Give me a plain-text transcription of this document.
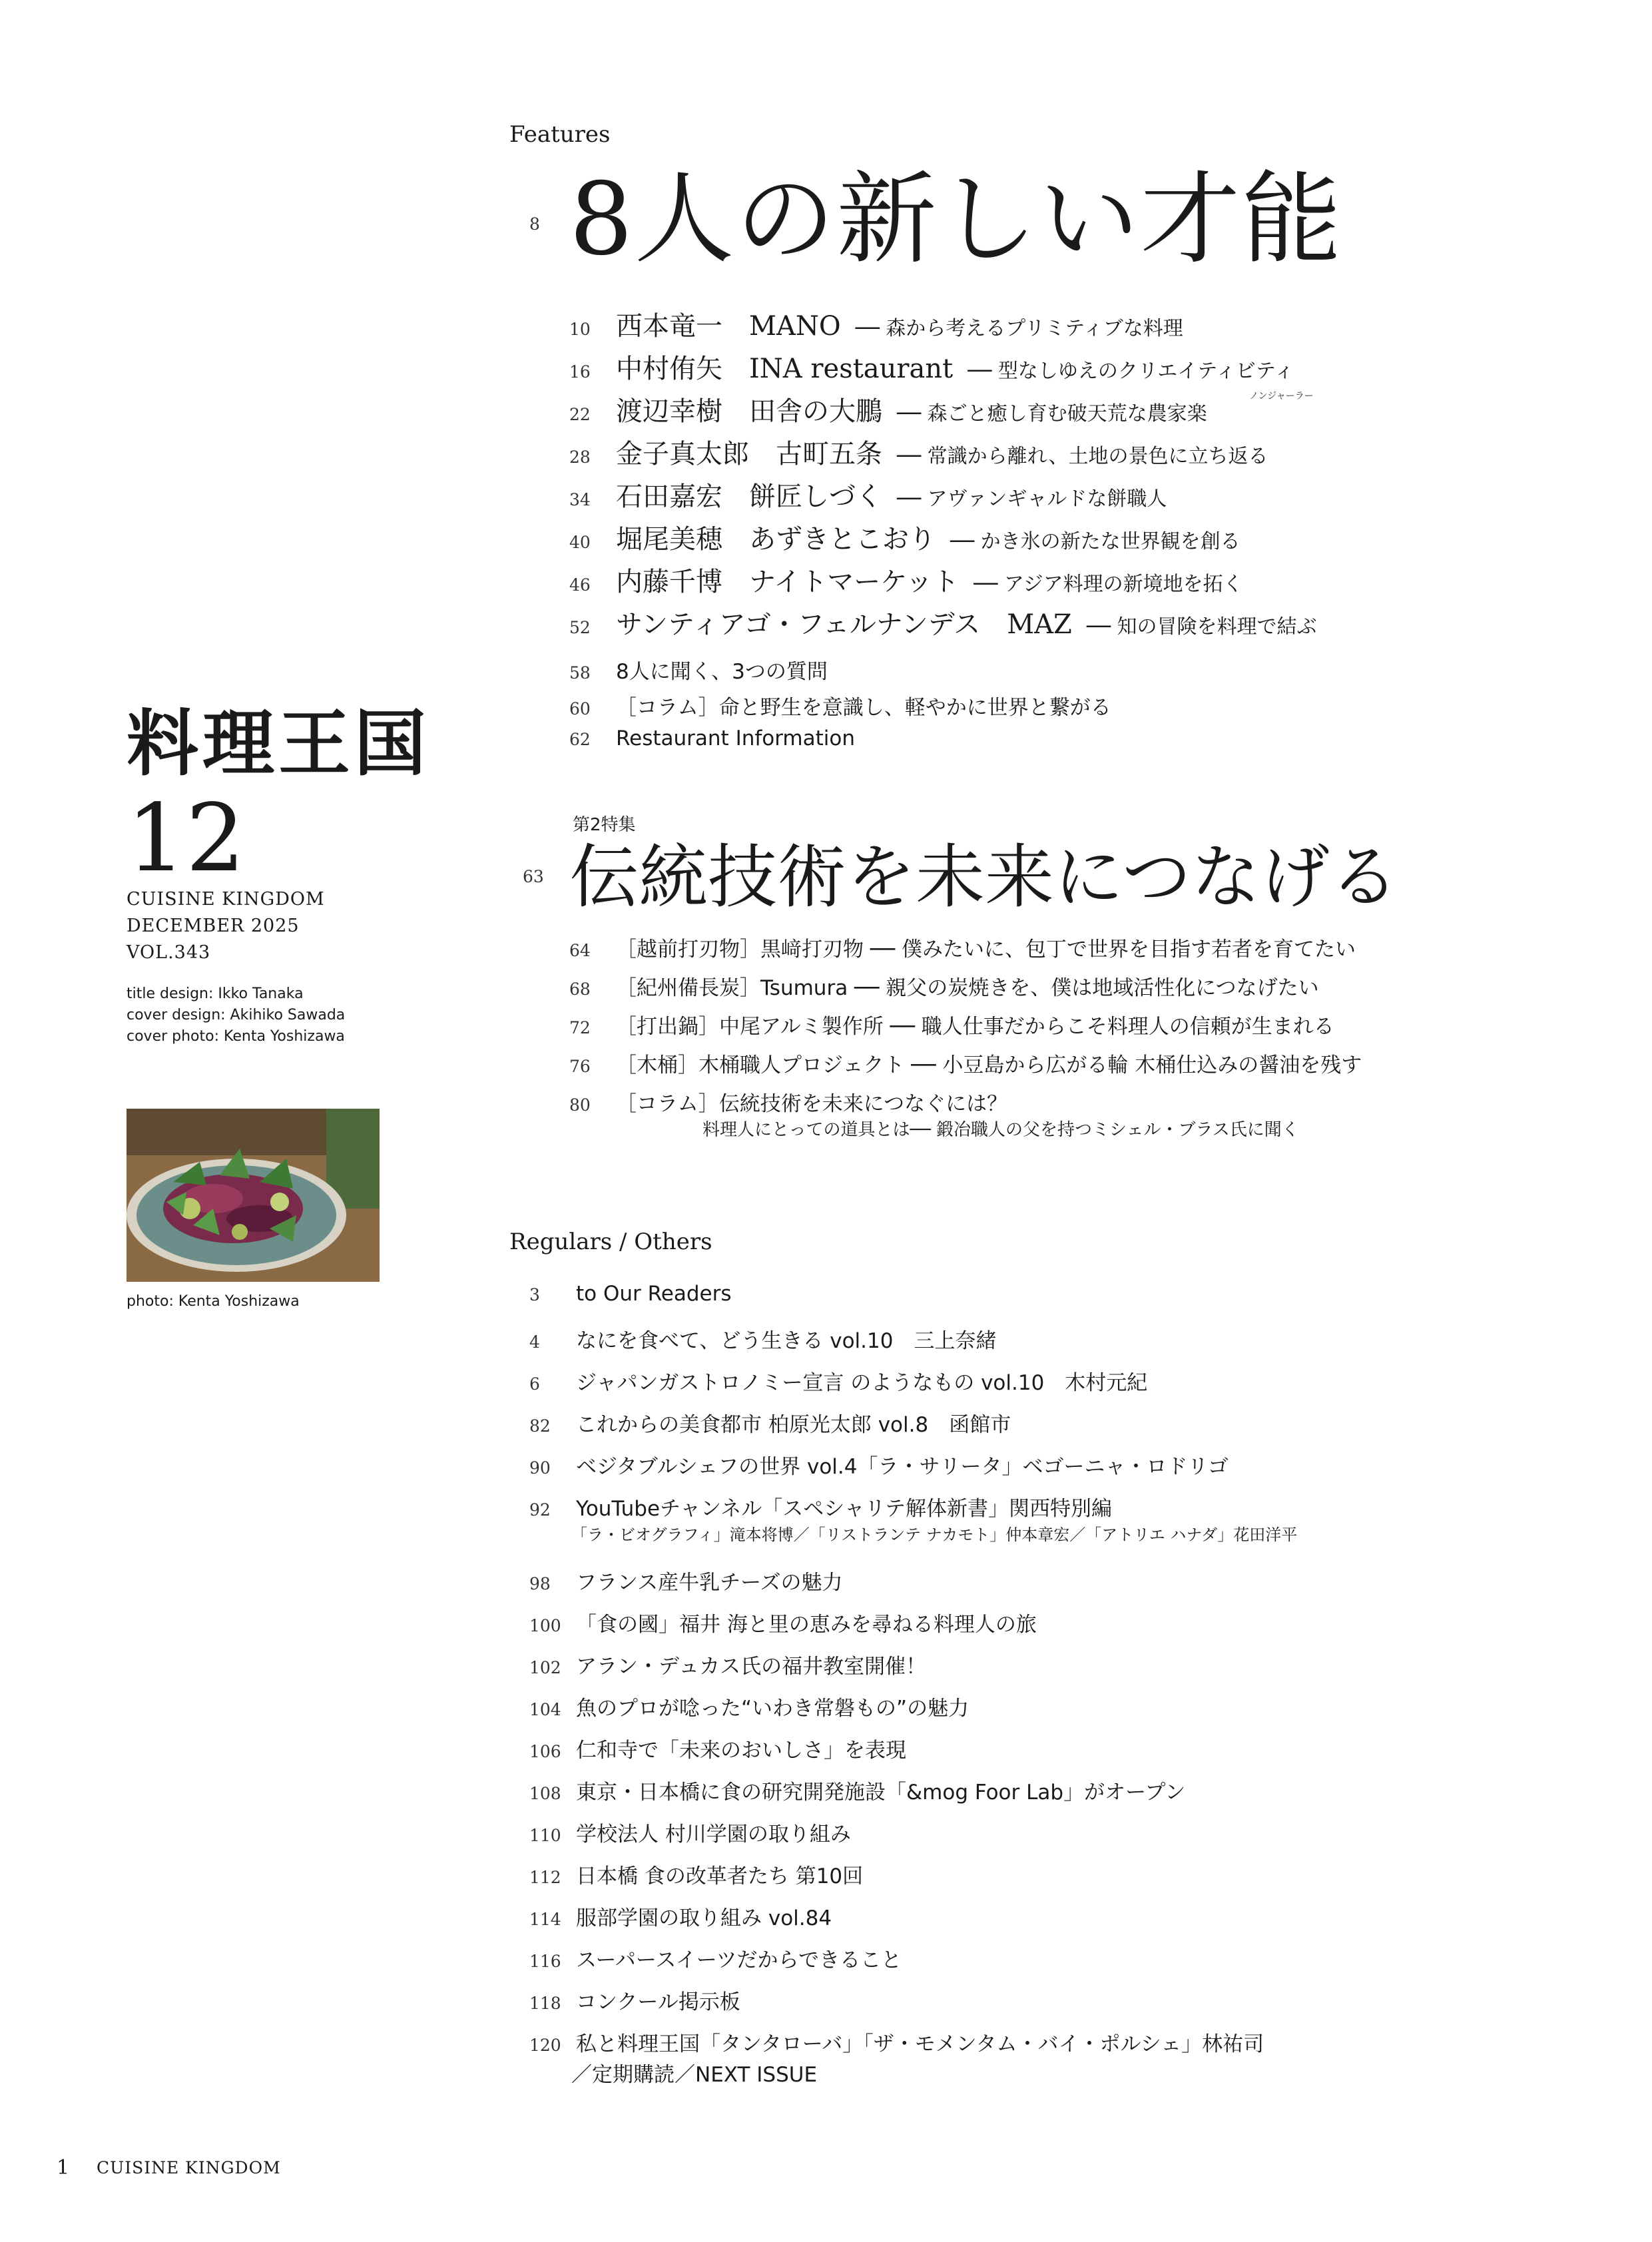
料理王国
12
CUISINE KINGDOM
DECEMBER 2025
VOL.343
title design: Ikko Tanaka
cover design: Akihiko Sawada
cover photo: Kenta Yoshizawa
photo: Kenta Yoshizawa
Features
8 8人の新しい才能
ノンジャーラー
10 西本竜一　MANO ── 森から考えるプリミティブな料理
16 中村侑矢　INA restaurant ── 型なしゆえのクリエイティビティ
22 渡辺幸樹　田舎の大鵬 ── 森ごと癒し育む破天荒な農家楽
28 金子真太郎　古町五条 ── 常識から離れ、土地の景色に立ち返る
34 石田嘉宏　餅匠しづく ── アヴァンギャルドな餅職人
40 堀尾美穂　あずきとこおり ── かき氷の新たな世界観を創る
46 内藤千博　ナイトマーケット ── アジア料理の新境地を拓く
52 サンティアゴ・フェルナンデス　MAZ ── 知の冒険を料理で結ぶ
58	8人に聞く、3つの質問
60	［コラム］命と野生を意識し、軽やかに世界と繋がる
62	Restaurant Information
第2特集
63 伝統技術を未来につなげる
64	［越前打刃物］黒﨑打刃物 ── 僕みたいに、包丁で世界を目指す若者を育てたい
68	［紀州備長炭］Tsumura ── 親父の炭焼きを、僕は地域活性化につなげたい
72	［打出鍋］中尾アルミ製作所 ── 職人仕事だからこそ料理人の信頼が生まれる
76	［木桶］木桶職人プロジェクト ── 小豆島から広がる輪 木桶仕込みの醤油を残す
80	［コラム］伝統技術を未来につなぐには？
料理人にとっての道具とは── 鍛冶職人の父を持つミシェル・ブラス氏に聞く
Regulars / Others
3	to Our Readers
4	なにを食べて、どう生きる vol.10　三上奈緒
6	ジャパンガストロノミー宣言 のようなもの vol.10　木村元紀
82	これからの美食都市 柏原光太郎 vol.8　函館市
90	ベジタブルシェフの世界 vol.4「ラ・サリータ」ベゴーニャ・ロドリゴ
92	YouTubeチャンネル「スペシャリテ解体新書」関西特別編
「ラ・ビオグラフィ」滝本将博／「リストランテ ナカモト」仲本章宏／「アトリエ ハナダ」花田洋平
98	フランス産牛乳チーズの魅力
100 「食の國」福井 海と里の恵みを尋ねる料理人の旅
102 アラン・デュカス氏の福井教室開催！
104 魚のプロが唸った“いわき常磐もの”の魅力
106 仁和寺で「未来のおいしさ」を表現
108 東京・日本橋に食の研究開発施設「&mog Foor Lab」がオープン
110 学校法人 村川学園の取り組み
112 日本橋 食の改革者たち 第10回
114 服部学園の取り組み vol.84
116 スーパースイーツだからできること
118 コンクール掲示板
120 私と料理王国「タンタローバ」「ザ・モメンタム・バイ・ポルシェ」林祐司
／定期購読／NEXT ISSUE
1 CUISINE KINGDOM
